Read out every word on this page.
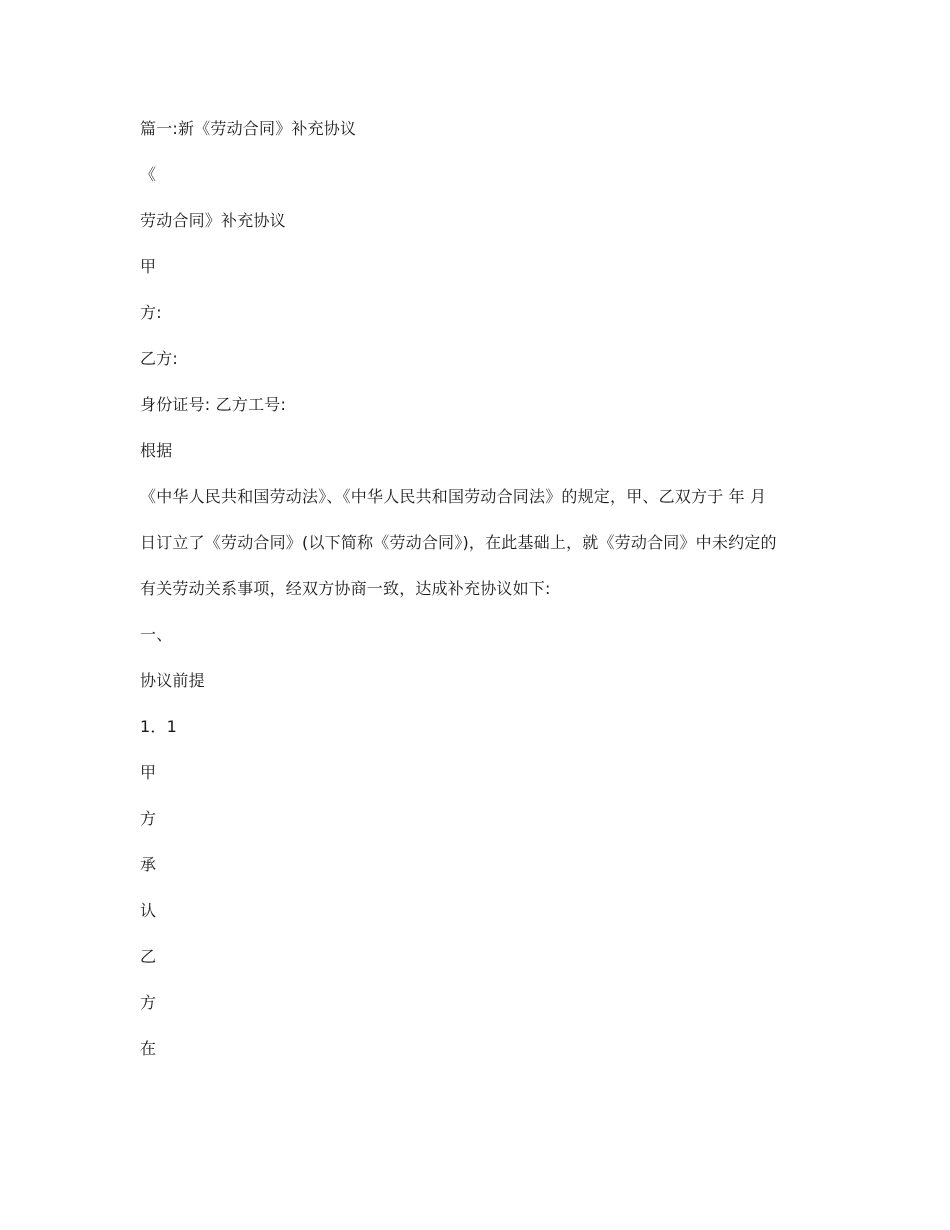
篇一:新《劳动合同》补充协议

《

劳动合同》补充协议

甲

方:

乙方:

身份证号: 乙方工号:

根据

《中华人民共和国劳动法》、《中华人民共和国劳动合同法》的规定，甲、乙双方于 年 月

日订立了《劳动合同》(以下简称《劳动合同》)，在此基础上，就《劳动合同》中未约定的

有关劳动关系事项，经双方协商一致，达成补充协议如下:

一、

协议前提

1．1

甲

方

承

认

乙

方

在
